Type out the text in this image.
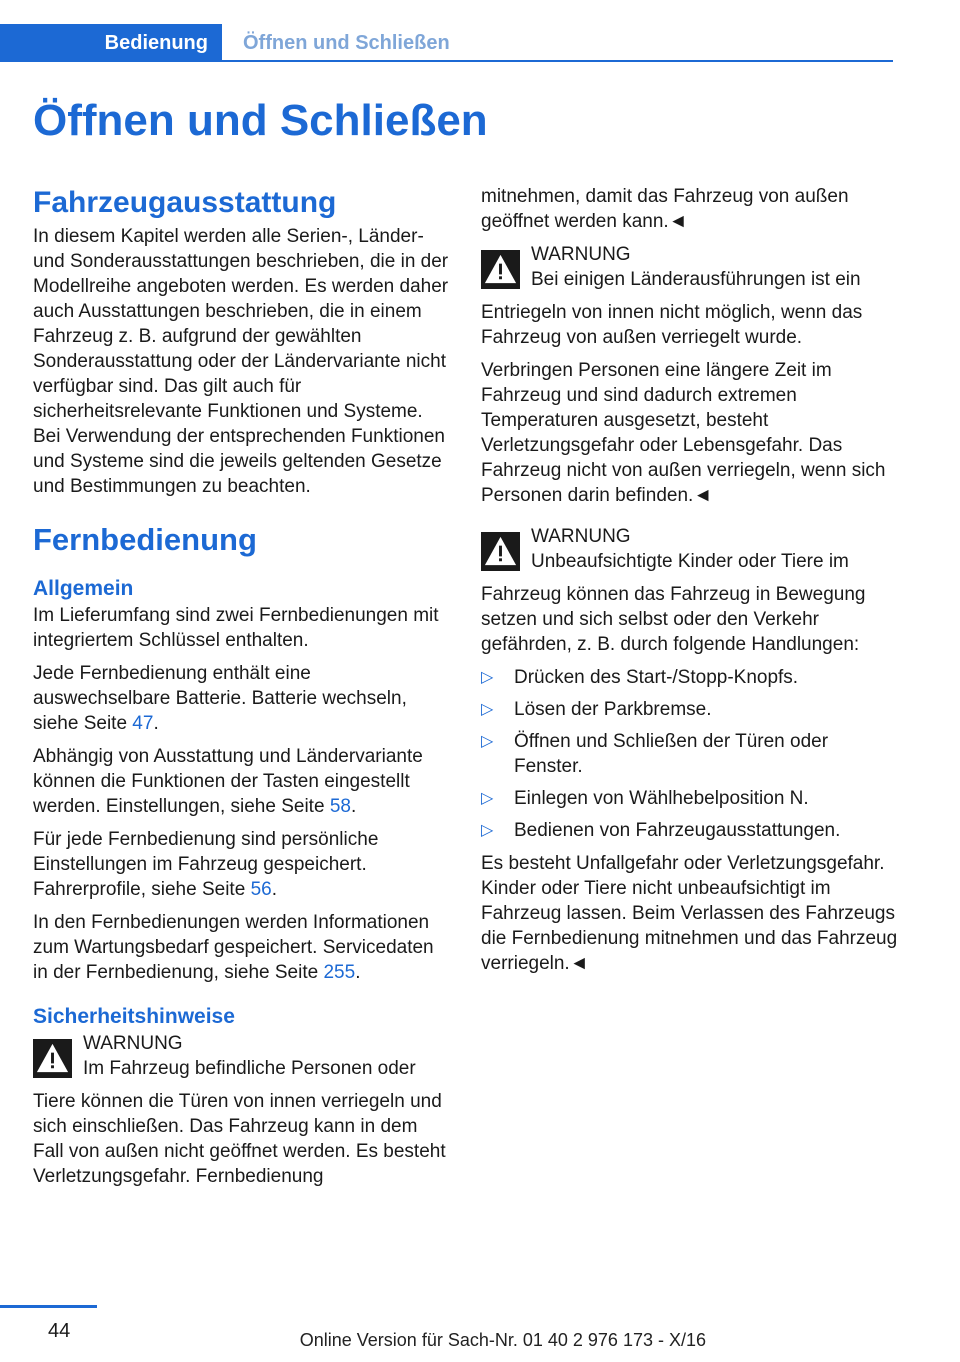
Bedienung	Öffnen und Schließen
Öffnen und Schließen
Fahrzeugausstattung

In diesem Kapitel werden alle Serien-, Länder- und Sonderausstattungen beschrieben, die in der Modellreihe angeboten werden. Es werden daher auch Ausstattungen beschrieben, die in einem Fahrzeug z. B. aufgrund der gewählten Sonderausstattung oder der Ländervariante nicht verfügbar sind. Das gilt auch für sicherheitsrelevante Funktionen und Systeme. Bei Verwendung der entsprechenden Funktionen und Systeme sind die jeweils geltenden Gesetze und Bestimmungen zu beachten.

Fernbedienung
Allgemein

Im Lieferumfang sind zwei Fernbedienungen mit integriertem Schlüssel enthalten.

Jede Fernbedienung enthält eine auswechselbare Batterie. Batterie wechseln, siehe Seite 47.

Abhängig von Ausstattung und Ländervariante können die Funktionen der Tasten eingestellt werden. Einstellungen, siehe Seite 58.

Für jede Fernbedienung sind persönliche Einstellungen im Fahrzeug gespeichert. Fahrerprofile, siehe Seite 56.

In den Fernbedienungen werden Informationen zum Wartungsbedarf gespeichert. Servicedaten in der Fernbedienung, siehe Seite 255.

Sicherheitshinweise
WARNUNG
Im Fahrzeug befindliche Personen oder

Tiere können die Türen von innen verriegeln und sich einschließen. Das Fahrzeug kann in dem Fall von außen nicht geöffnet werden. Es besteht Verletzungsgefahr. Fernbedienung

mitnehmen, damit das Fahrzeug von außen geöffnet werden kann.◄

WARNUNG
Bei einigen Länderausführungen ist ein

Entriegeln von innen nicht möglich, wenn das Fahrzeug von außen verriegelt wurde.

Verbringen Personen eine längere Zeit im Fahrzeug und sind dadurch extremen Temperaturen ausgesetzt, besteht Verletzungsgefahr oder Lebensgefahr. Das Fahrzeug nicht von außen verriegeln, wenn sich Personen darin befinden.◄

WARNUNG
Unbeaufsichtigte Kinder oder Tiere im

Fahrzeug können das Fahrzeug in Bewegung setzen und sich selbst oder den Verkehr gefährden, z. B. durch folgende Handlungen:

▷ Drücken des Start-/Stopp-Knopfs.
▷ Lösen der Parkbremse.
▷ Öffnen und Schließen der Türen oder Fenster.
▷ Einlegen von Wählhebelposition N.
▷ Bedienen von Fahrzeugausstattungen.

Es besteht Unfallgefahr oder Verletzungsgefahr. Kinder oder Tiere nicht unbeaufsichtigt im Fahrzeug lassen. Beim Verlassen des Fahrzeugs die Fernbedienung mitnehmen und das Fahrzeug verriegeln.◄

44	Online Version für Sach-Nr. 01 40 2 976 173 - X/16
